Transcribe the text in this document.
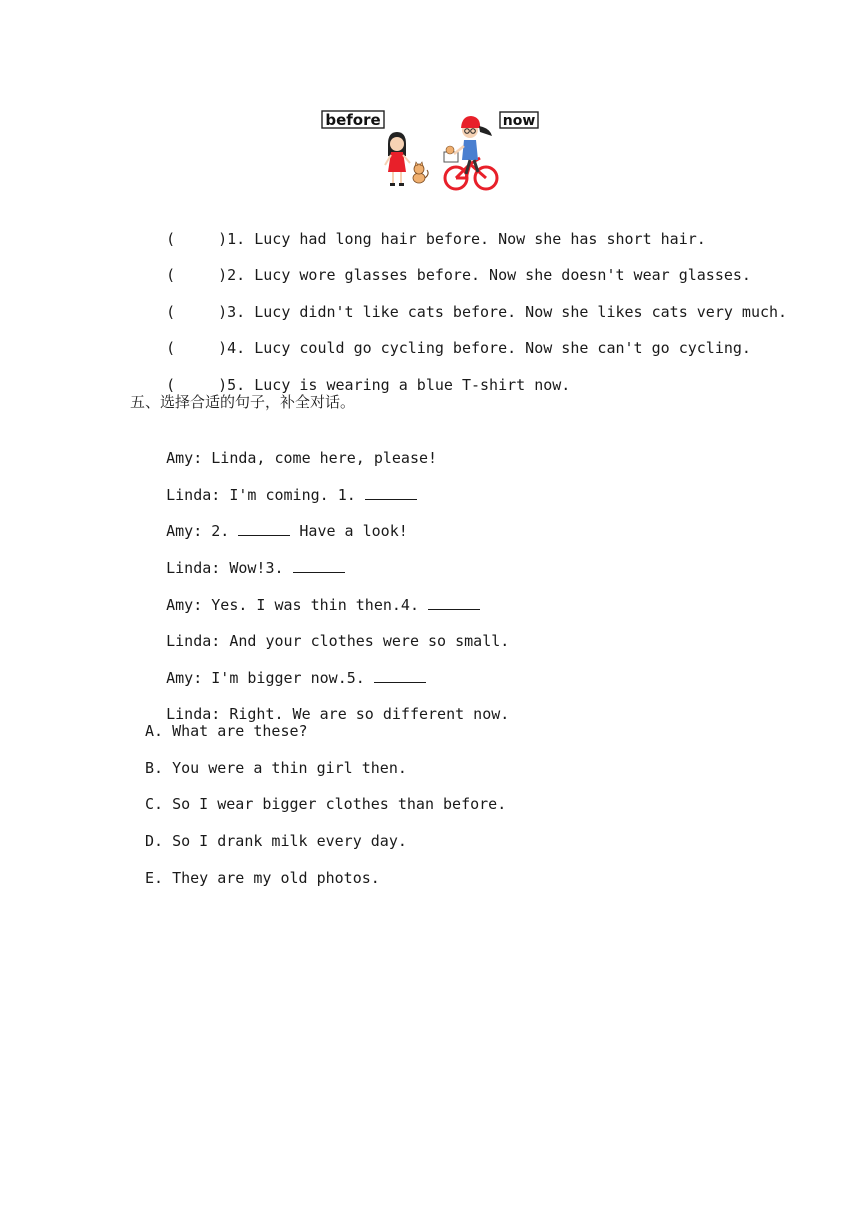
before	now

(	)1. Lucy had long hair before. Now she has short hair.

(	)2. Lucy wore glasses before. Now she doesn't wear glasses.

(	)3. Lucy didn't like cats before. Now she likes cats very much.

(	)4. Lucy could go cycling before. Now she can't go cycling.

(	)5. Lucy is wearing a blue T-shirt now.

五、选择合适的句子，补全对话。

Amy: Linda, come here, please!

Linda: I'm coming. 1.

Amy: 2.	Have a look!

Linda: Wow!3.

Amy: Yes. I was thin then.4.

Linda: And your clothes were so small.

Amy: I'm bigger now.5.

Linda: Right. We are so different now.

A. What are these?
B. You were a thin girl then.
C. So I wear bigger clothes than before.
D. So I drank milk every day.
E. They are my old photos.
